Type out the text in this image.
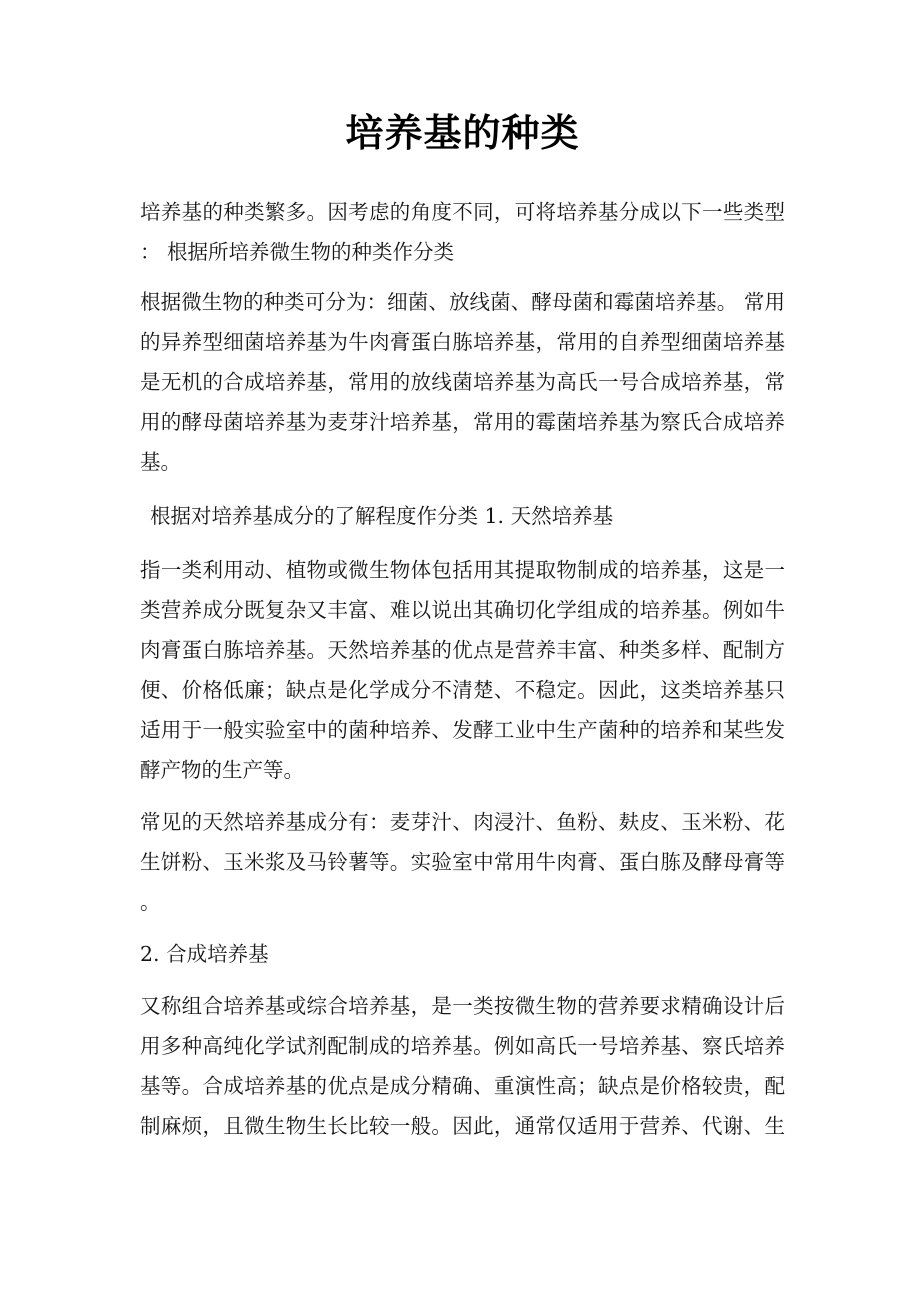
培养基的种类
培养基的种类繁多。因考虑的角度不同，可将培养基分成以下一些类型
： 根据所培养微生物的种类作分类
根据微生物的种类可分为：细菌、放线菌、酵母菌和霉菌培养基。 常用
的异养型细菌培养基为牛肉膏蛋白胨培养基，常用的自养型细菌培养基
是无机的合成培养基，常用的放线菌培养基为高氏一号合成培养基，常
用的酵母菌培养基为麦芽汁培养基，常用的霉菌培养基为察氏合成培养
基。
根据对培养基成分的了解程度作分类 1. 天然培养基
指一类利用动、植物或微生物体包括用其提取物制成的培养基，这是一
类营养成分既复杂又丰富、难以说出其确切化学组成的培养基。例如牛
肉膏蛋白胨培养基。天然培养基的优点是营养丰富、种类多样、配制方
便、价格低廉；缺点是化学成分不清楚、不稳定。因此，这类培养基只
适用于一般实验室中的菌种培养、发酵工业中生产菌种的培养和某些发
酵产物的生产等。
常见的天然培养基成分有：麦芽汁、肉浸汁、鱼粉、麸皮、玉米粉、花
生饼粉、玉米浆及马铃薯等。实验室中常用牛肉膏、蛋白胨及酵母膏等
。
2. 合成培养基
又称组合培养基或综合培养基，是一类按微生物的营养要求精确设计后
用多种高纯化学试剂配制成的培养基。例如高氏一号培养基、察氏培养
基等。合成培养基的优点是成分精确、重演性高；缺点是价格较贵，配
制麻烦，且微生物生长比较一般。因此，通常仅适用于营养、代谢、生
